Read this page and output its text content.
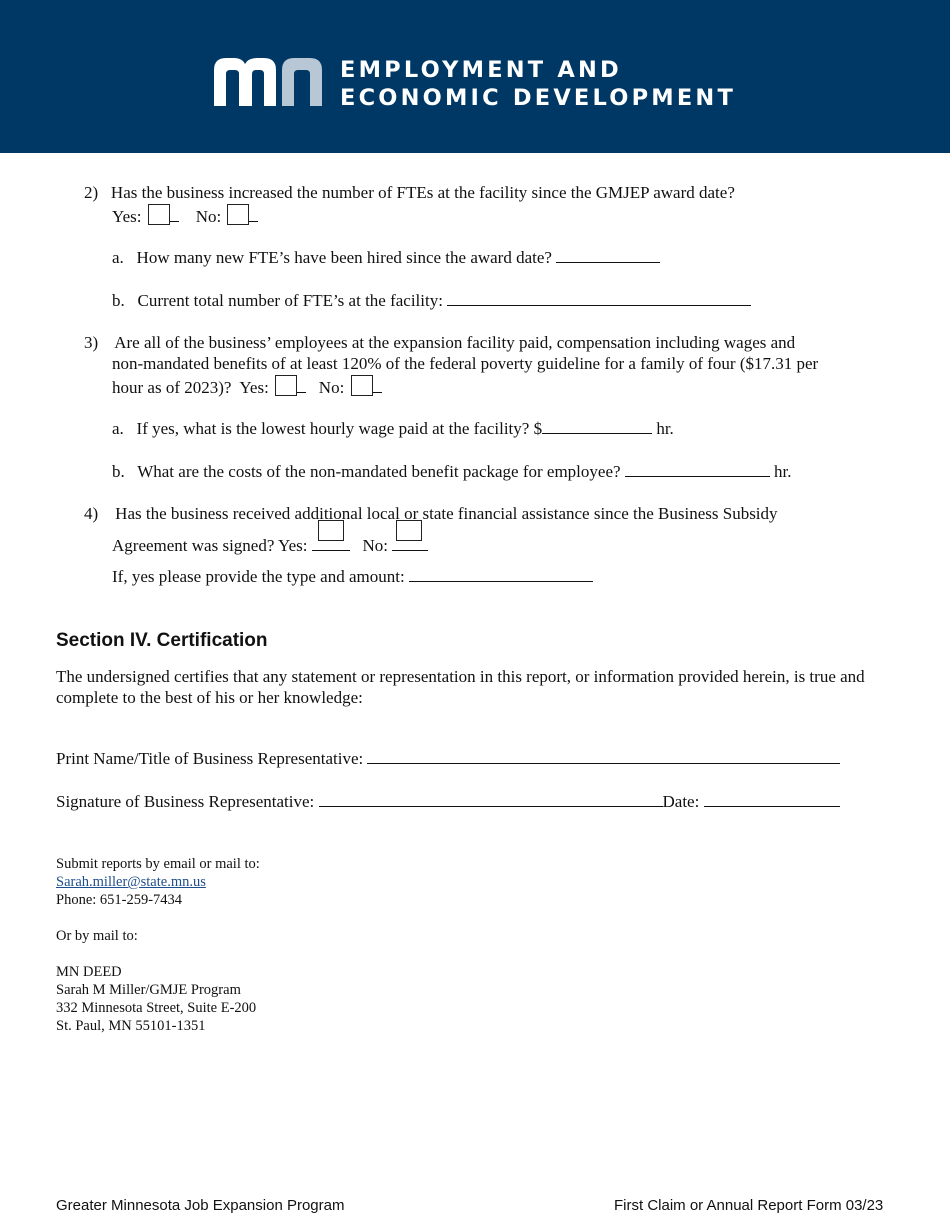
EMPLOYMENT AND
ECONOMIC DEVELOPMENT
2) Has the business increased the number of FTEs at the facility since the GMJEP award date?
Yes:	No:
a. How many new FTE’s have been hired since the award date?
b. Current total number of FTE’s at the facility:
3) Are all of the business’ employees at the expansion facility paid, compensation including wages and
non-mandated benefits of at least 120% of the federal poverty guideline for a family of four ($17.31 per
hour as of 2023)? Yes:	No:
a. If yes, what is the lowest hourly wage paid at the facility? $	hr.
b. What are the costs of the non-mandated benefit package for employee?	hr.
4) Has the business received additional local or state financial assistance since the Business Subsidy
Agreement was signed? Yes:	No:
If, yes please provide the type and amount:
Section IV. Certification
The undersigned certifies that any statement or representation in this report, or information provided herein, is true and complete to the best of his or her knowledge:
Print Name/Title of Business Representative:
Signature of Business Representative:	Date:
Submit reports by email or mail to:
Sarah.miller@state.mn.us
Phone: 651-259-7434
Or by mail to:
MN DEED
Sarah M Miller/GMJE Program
332 Minnesota Street, Suite E-200
St. Paul, MN 55101-1351
Greater Minnesota Job Expansion Program	First Claim or Annual Report Form 03/23
